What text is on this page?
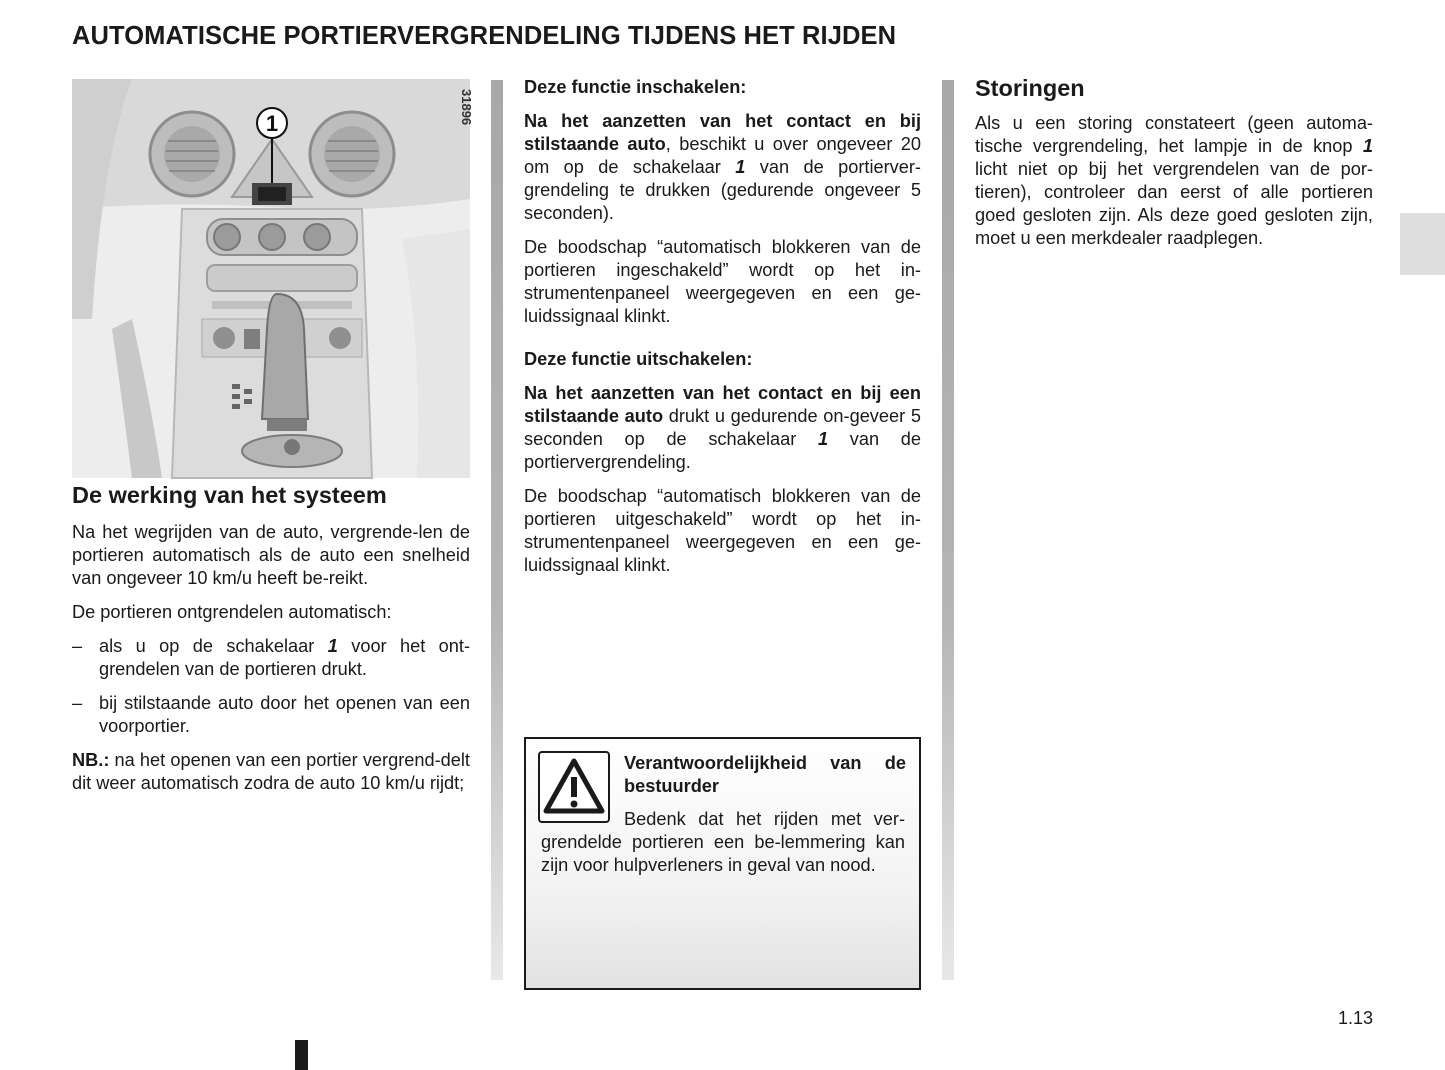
AUTOMATISCHE PORTIERVERGRENDELING TIJDENS HET RIJDEN
1	31896
De werking van het systeem

Na het wegrijden van de auto, vergrende-len de portieren automatisch als de auto een snelheid van ongeveer 10 km/u heeft be-reikt.

De portieren ontgrendelen automatisch:

– als u op de schakelaar 1 voor het ont-grendelen van de portieren drukt.
– bij stilstaande auto door het openen van een voorportier.

NB.: na het openen van een portier vergrend-delt dit weer automatisch zodra de auto 10 km/u rijdt;

Deze functie inschakelen:

Na het aanzetten van het contact en bij stilstaande auto, beschikt u over ongeveer 20 om op de schakelaar 1 van de portierver-grendeling te drukken (gedurende ongeveer 5 seconden).

De boodschap “automatisch blokkeren van de portieren ingeschakeld” wordt op het in-strumentenpaneel weergegeven en een ge-luidssignaal klinkt.

Deze functie uitschakelen:

Na het aanzetten van het contact en bij een stilstaande auto drukt u gedurende on-geveer 5 seconden op de schakelaar 1 van de portiervergrendeling.

De boodschap “automatisch blokkeren van de portieren uitgeschakeld” wordt op het in-strumentenpaneel weergegeven en een ge-luidssignaal klinkt.

Verantwoordelijkheid van de bestuurder
Bedenk dat het rijden met ver-grendelde portieren een be-lemmering kan zijn voor hulpverleners in geval van nood.
Storingen

Als u een storing constateert (geen automa-tische vergrendeling, het lampje in de knop 1 licht niet op bij het vergrendelen van de por-tieren), controleer dan eerst of alle portieren goed gesloten zijn. Als deze goed gesloten zijn, moet u een merkdealer raadplegen.

1.13
